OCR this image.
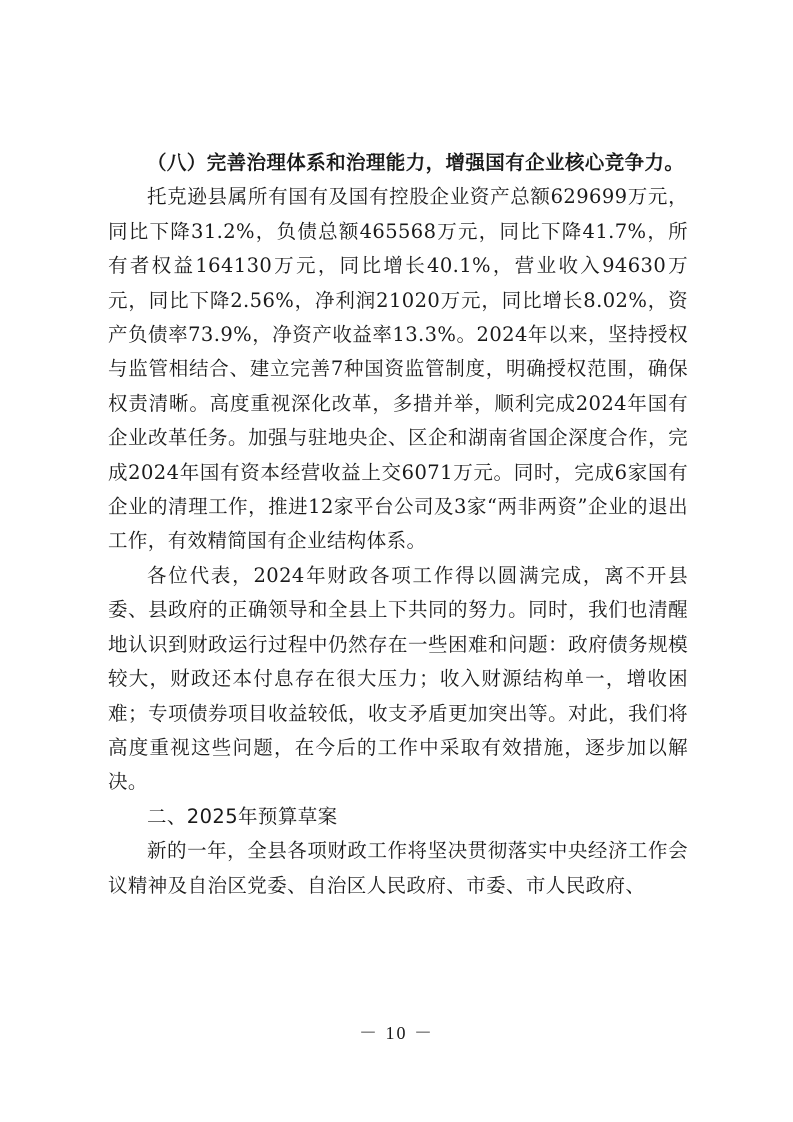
（八）完善治理体系和治理能力，增强国有企业核心竞争力。

托克逊县属所有国有及国有控股企业资产总额629699万元，同比下降31.2%，负债总额465568万元，同比下降41.7%，所有者权益164130万元，同比增长40.1%，营业收入94630万元，同比下降2.56%，净利润21020万元，同比增长8.02%，资产负债率73.9%，净资产收益率13.3%。2024年以来，坚持授权与监管相结合、建立完善7种国资监管制度，明确授权范围，确保权责清晰。高度重视深化改革，多措并举，顺利完成2024年国有企业改革任务。加强与驻地央企、区企和湖南省国企深度合作，完成2024年国有资本经营收益上交6071万元。同时，完成6家国有企业的清理工作，推进12家平台公司及3家“两非两资”企业的退出工作，有效精简国有企业结构体系。

各位代表，2024年财政各项工作得以圆满完成，离不开县委、县政府的正确领导和全县上下共同的努力。同时，我们也清醒地认识到财政运行过程中仍然存在一些困难和问题：政府债务规模较大，财政还本付息存在很大压力；收入财源结构单一，增收困难；专项债券项目收益较低，收支矛盾更加突出等。对此，我们将高度重视这些问题，在今后的工作中采取有效措施，逐步加以解决。

二、2025年预算草案

新的一年，全县各项财政工作将坚决贯彻落实中央经济工作会议精神及自治区党委、自治区人民政府、市委、市人民政府、

－ 10 －
